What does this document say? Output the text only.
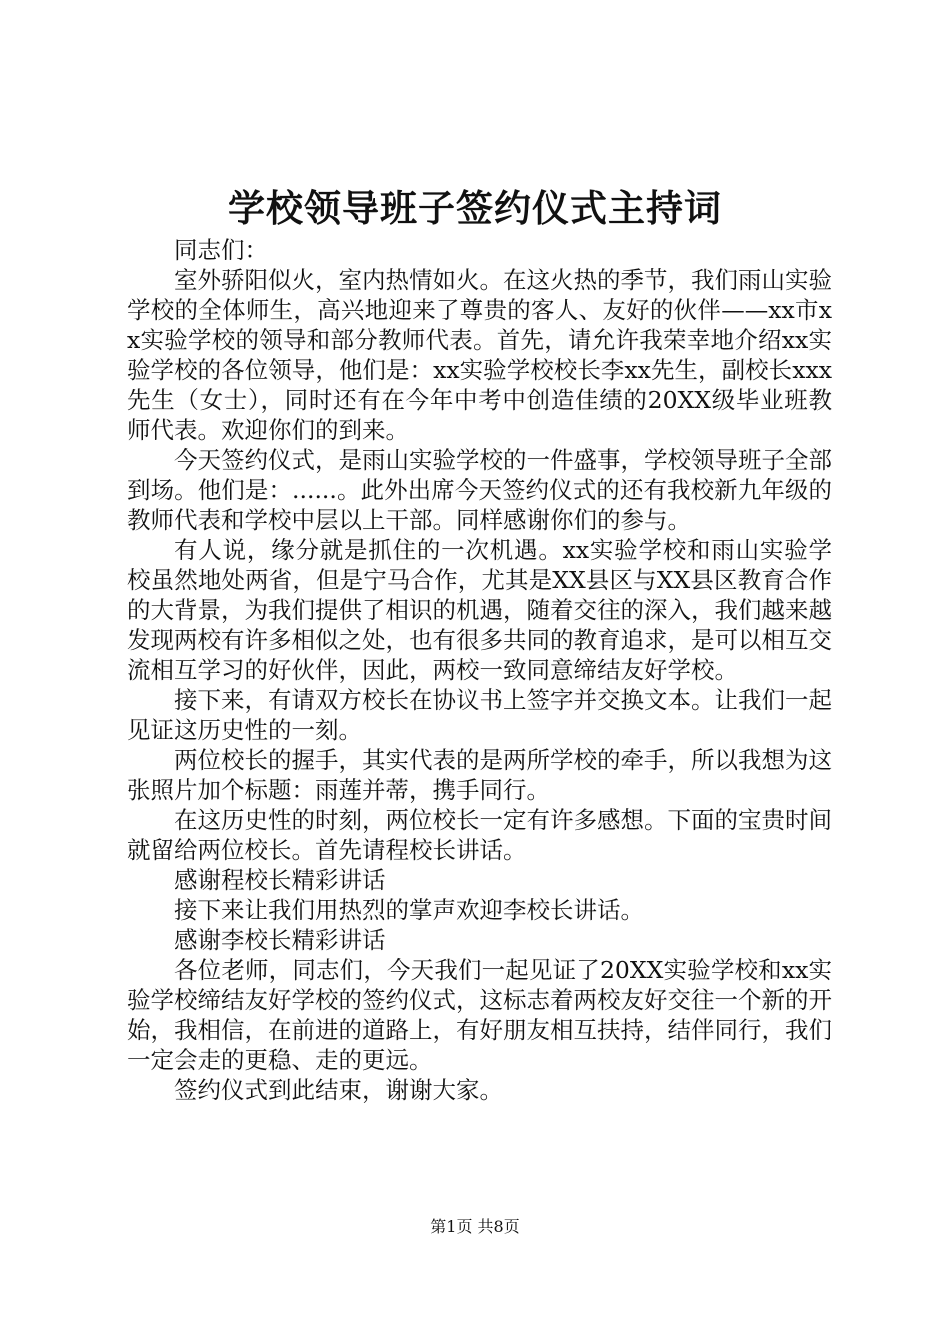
学校领导班子签约仪式主持词

同志们：

室外骄阳似火，室内热情如火。在这火热的季节，我们雨山实验学校的全体师生，高兴地迎来了尊贵的客人、友好的伙伴——xx市xx实验学校的领导和部分教师代表。首先，请允许我荣幸地介绍xx实验学校的各位领导，他们是：xx实验学校校长李xx先生，副校长xxx先生（女士），同时还有在今年中考中创造佳绩的20XX级毕业班教师代表。欢迎你们的到来。

今天签约仪式，是雨山实验学校的一件盛事，学校领导班子全部到场。他们是：......。此外出席今天签约仪式的还有我校新九年级的教师代表和学校中层以上干部。同样感谢你们的参与。

有人说，缘分就是抓住的一次机遇。xx实验学校和雨山实验学校虽然地处两省，但是宁马合作，尤其是XX县区与XX县区教育合作的大背景，为我们提供了相识的机遇，随着交往的深入，我们越来越发现两校有许多相似之处，也有很多共同的教育追求，是可以相互交流相互学习的好伙伴，因此，两校一致同意缔结友好学校。

接下来，有请双方校长在协议书上签字并交换文本。让我们一起见证这历史性的一刻。

两位校长的握手，其实代表的是两所学校的牵手，所以我想为这张照片加个标题：雨莲并蒂，携手同行。

在这历史性的时刻，两位校长一定有许多感想。下面的宝贵时间就留给两位校长。首先请程校长讲话。

感谢程校长精彩讲话

接下来让我们用热烈的掌声欢迎李校长讲话。

感谢李校长精彩讲话

各位老师，同志们，今天我们一起见证了20XX实验学校和xx实验学校缔结友好学校的签约仪式，这标志着两校友好交往一个新的开始，我相信，在前进的道路上，有好朋友相互扶持，结伴同行，我们一定会走的更稳、走的更远。

签约仪式到此结束，谢谢大家。

第1页 共8页
